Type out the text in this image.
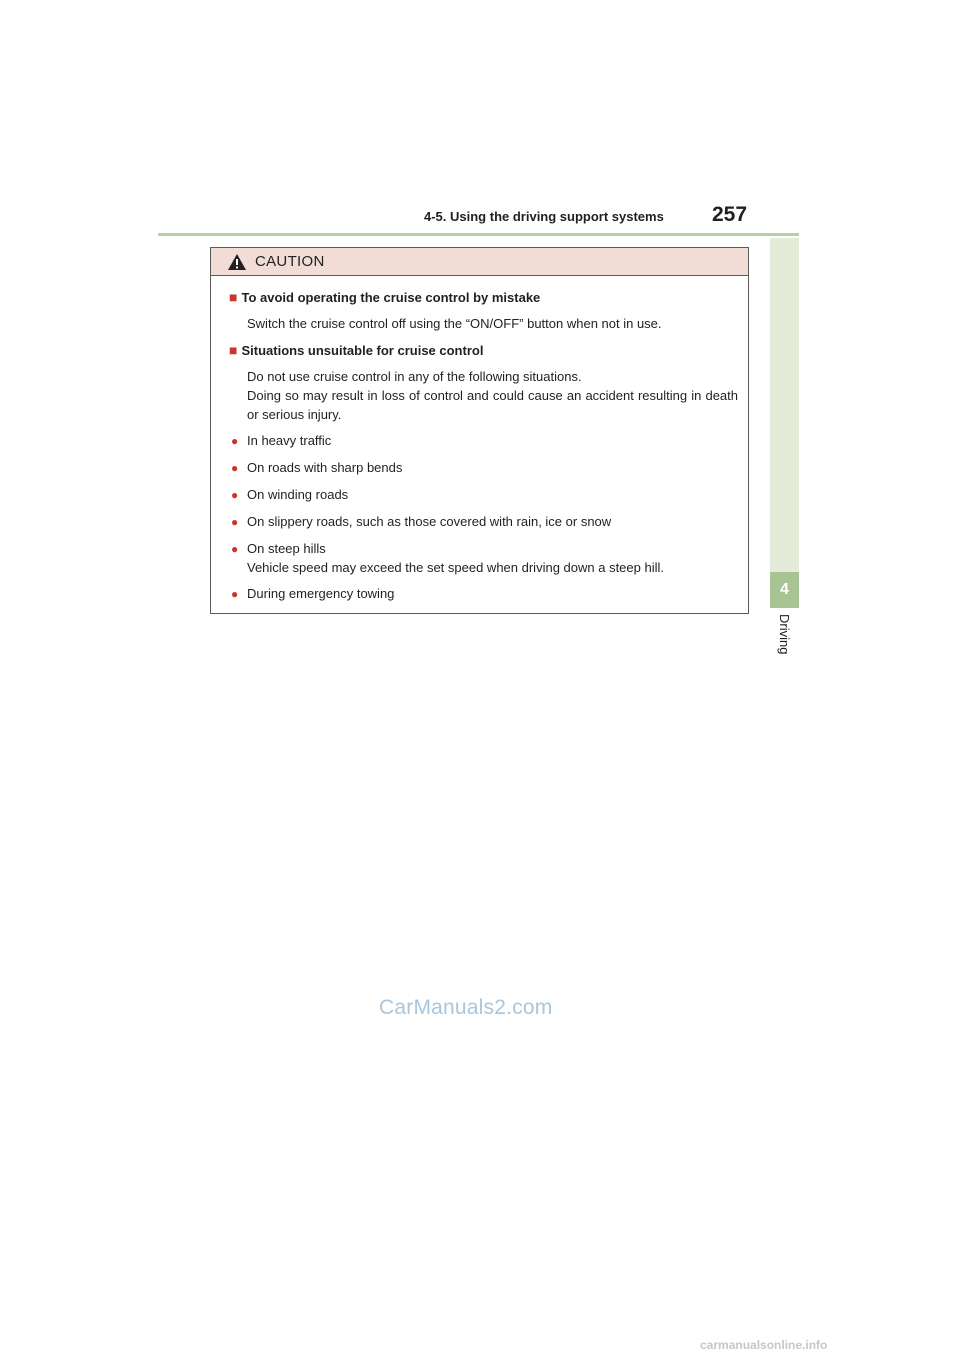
4-5. Using the driving support systems 257
4
Driving
CAUTION
■ To avoid operating the cruise control by mistake

Switch the cruise control off using the “ON/OFF” button when not in use.

■ Situations unsuitable for cruise control

Do not use cruise control in any of the following situations.

Doing so may result in loss of control and could cause an accident resulting in death or serious injury.

● In heavy traffic

● On roads with sharp bends

● On winding roads

● On slippery roads, such as those covered with rain, ice or snow

● On steep hills

Vehicle speed may exceed the set speed when driving down a steep hill.

● During emergency towing

CarManuals2.com
carmanualsonline.info
